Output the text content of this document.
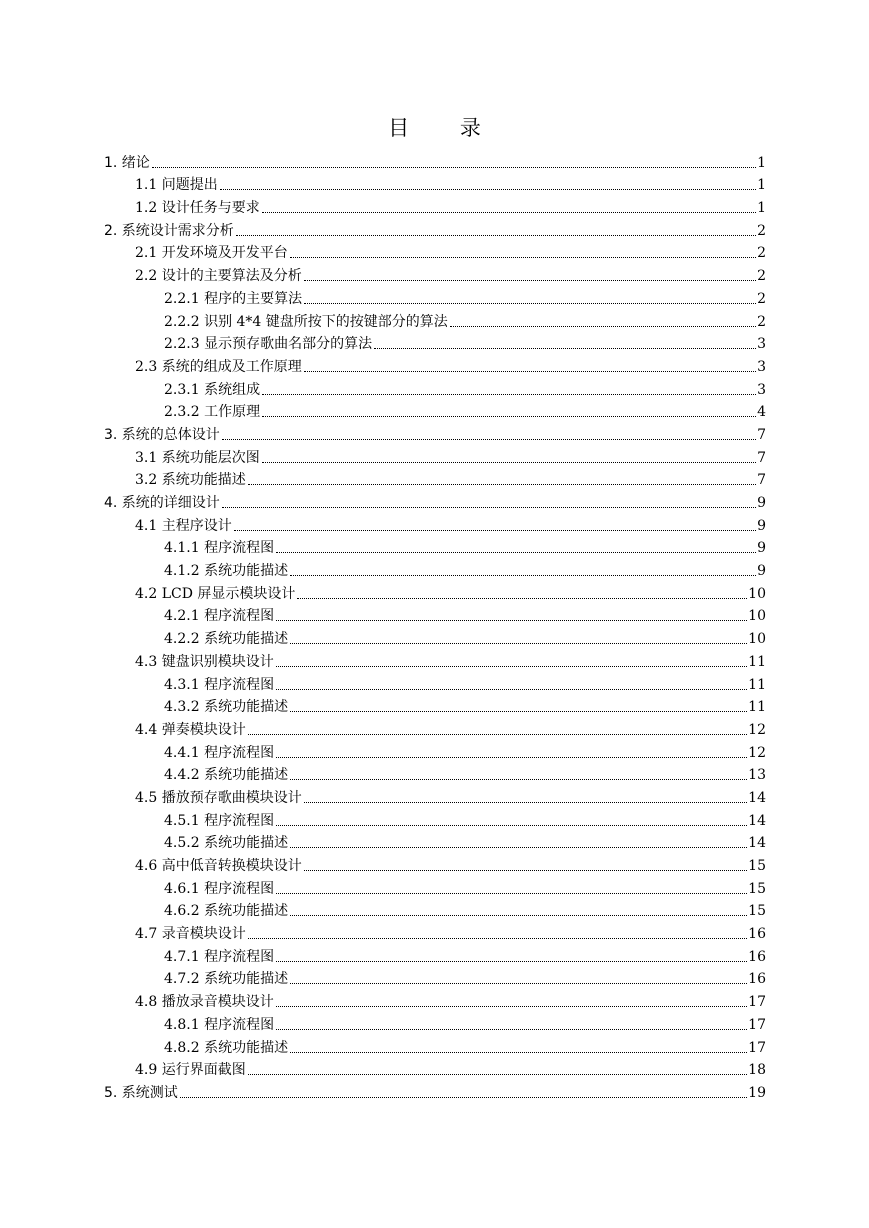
目 录
1. 绪论	1
1.1 问题提出	1
1.2 设计任务与要求	1
2. 系统设计需求分析	2
2.1 开发环境及开发平台	2
2.2 设计的主要算法及分析	2
2.2.1 程序的主要算法	2
2.2.2 识别 4*4 键盘所按下的按键部分的算法	2
2.2.3 显示预存歌曲名部分的算法	3
2.3 系统的组成及工作原理	3
2.3.1 系统组成	3
2.3.2 工作原理	4
3. 系统的总体设计	7
3.1 系统功能层次图	7
3.2 系统功能描述	7
4. 系统的详细设计	9
4.1 主程序设计	9
4.1.1 程序流程图	9
4.1.2 系统功能描述	9
4.2 LCD 屏显示模块设计	10
4.2.1 程序流程图	10
4.2.2 系统功能描述	10
4.3 键盘识别模块设计	11
4.3.1 程序流程图	11
4.3.2 系统功能描述	11
4.4 弹奏模块设计	12
4.4.1 程序流程图	12
4.4.2 系统功能描述	13
4.5 播放预存歌曲模块设计	14
4.5.1 程序流程图	14
4.5.2 系统功能描述	14
4.6 高中低音转换模块设计	15
4.6.1 程序流程图	15
4.6.2 系统功能描述	15
4.7 录音模块设计	16
4.7.1 程序流程图	16
4.7.2 系统功能描述	16
4.8 播放录音模块设计	17
4.8.1 程序流程图	17
4.8.2 系统功能描述	17
4.9 运行界面截图	18
5. 系统测试	19
